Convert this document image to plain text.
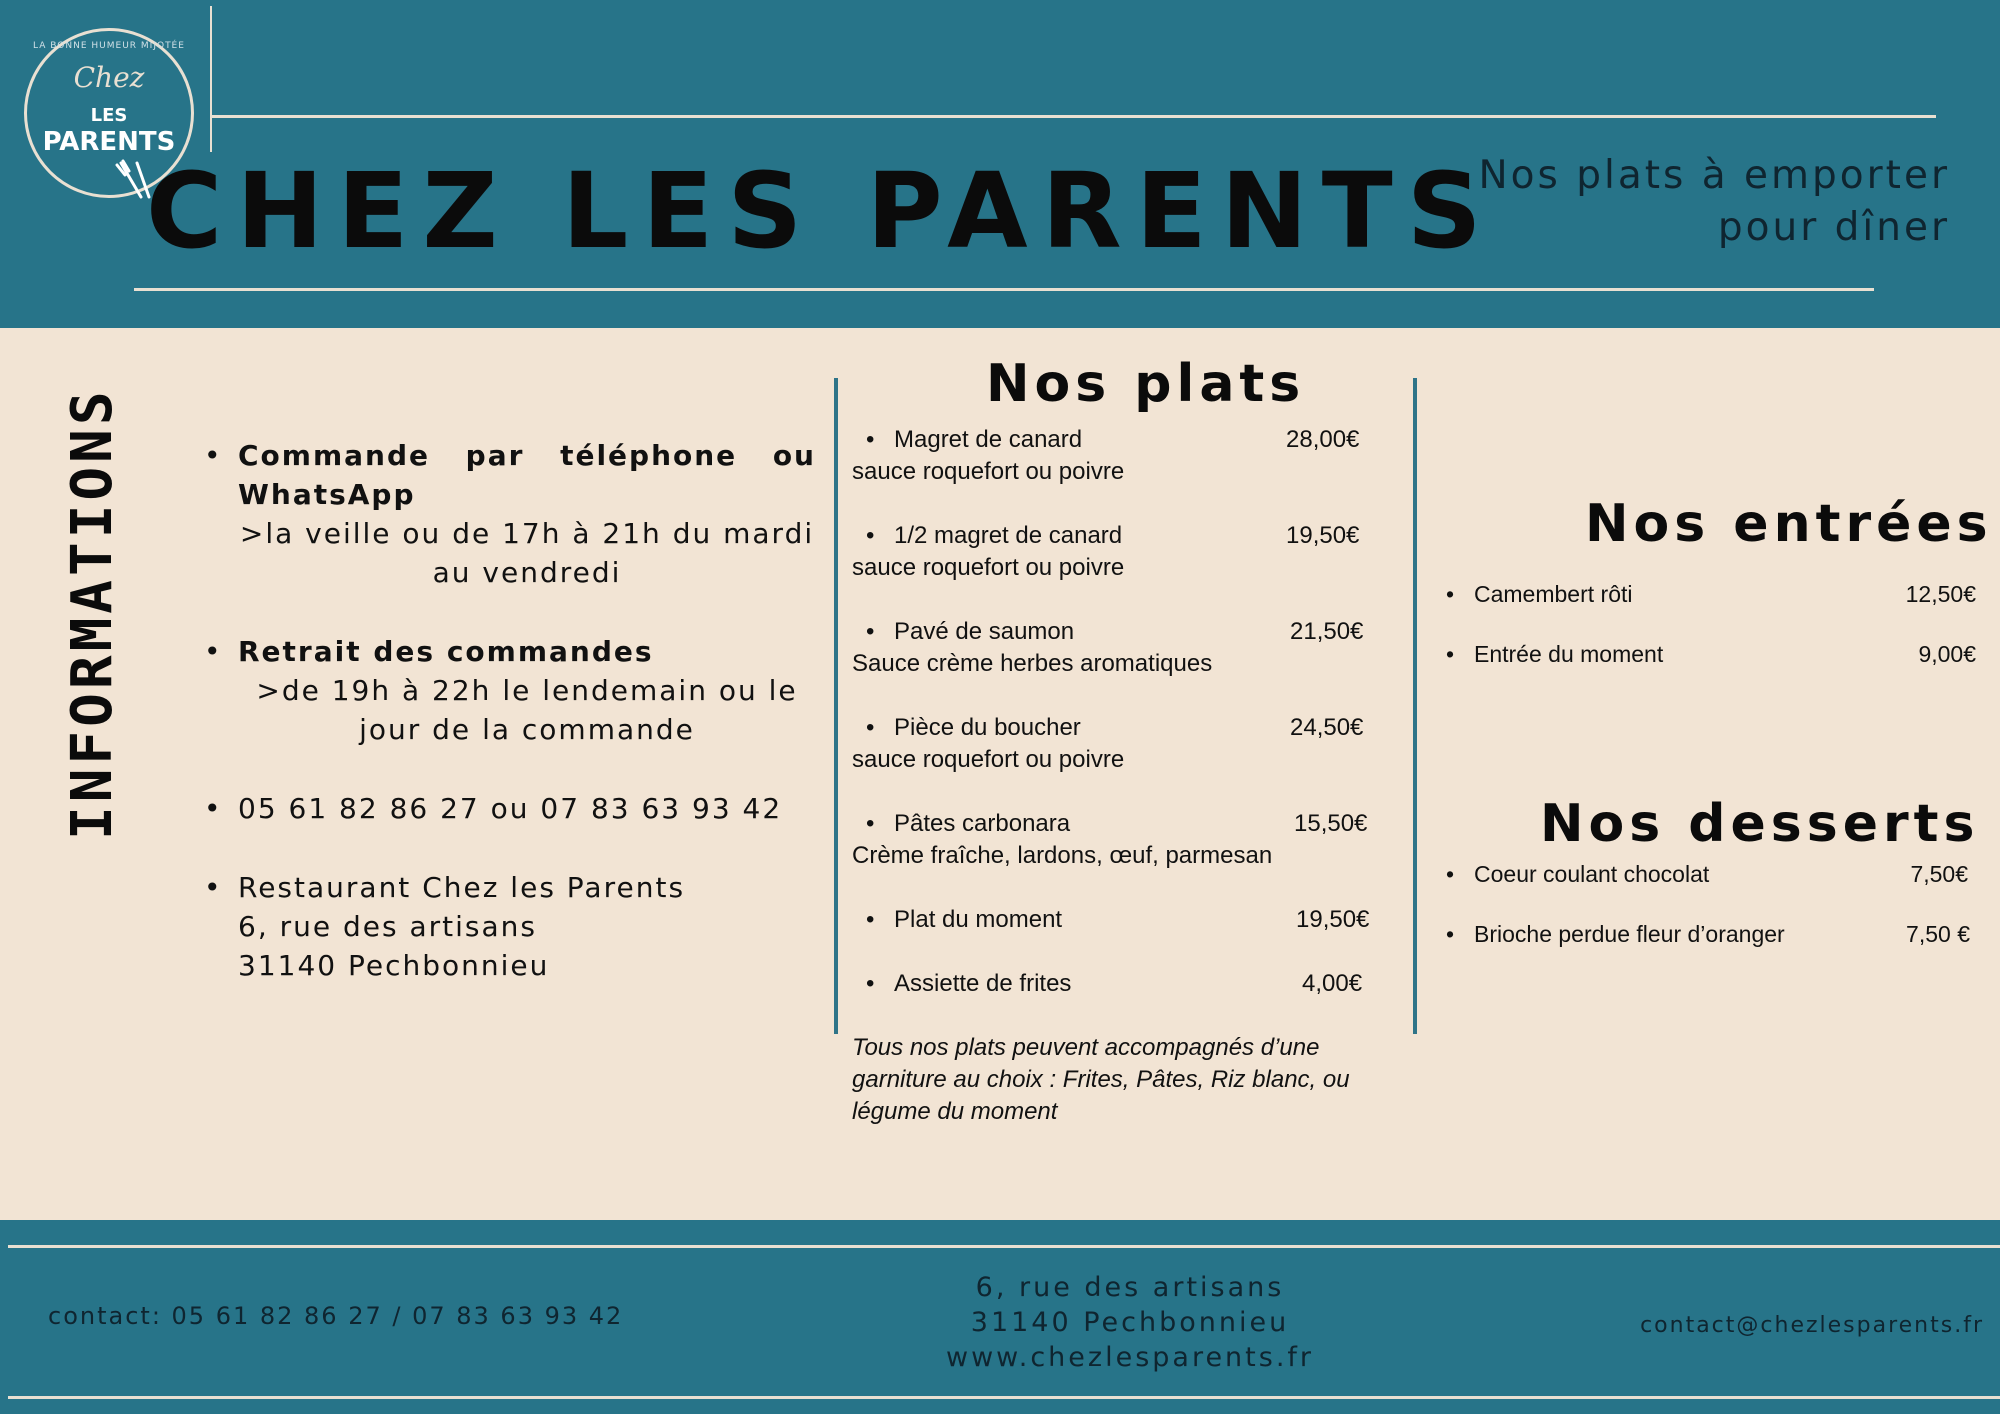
LA BONNE HUMEUR MIJOTÉE
Chez
LES
PARENTS
CHEZ LES PARENTS
Nos plats à emporter
pour dîner
INFORMATIONS
•	Commande par téléphone ou WhatsApp
>la veille ou de 17h à 21h du mardi au vendredi
• Retrait des commandes
>de 19h à 22h le lendemain ou le jour de la commande
• 05 61 82 86 27 ou 07 83 63 93 42
• Restaurant Chez les Parents
6, rue des artisans
31140 Pechbonnieu
Nos plats
• Magret de canard	28,00€
sauce roquefort ou poivre
• 1/2 magret de canard	19,50€
sauce roquefort ou poivre
• Pavé de saumon	21,50€
Sauce crème herbes aromatiques
• Pièce du boucher	24,50€
sauce roquefort ou poivre
• Pâtes carbonara	15,50€
Crème fraîche, lardons, œuf, parmesan
• Plat du moment	19,50€
• Assiette de frites	4,00€
Tous nos plats peuvent accompagnés d’une garniture au choix : Frites, Pâtes, Riz blanc, ou légume du moment
Nos entrées
• Camembert rôti	12,50€
• Entrée du moment	9,00€
Nos desserts
• Coeur coulant chocolat	7,50€
• Brioche perdue fleur d’oranger	7,50 €
contact: 05 61 82 86 27 / 07 83 63 93 42
6, rue des artisans
31140 Pechbonnieu
www.chezlesparents.fr
contact@chezlesparents.fr
